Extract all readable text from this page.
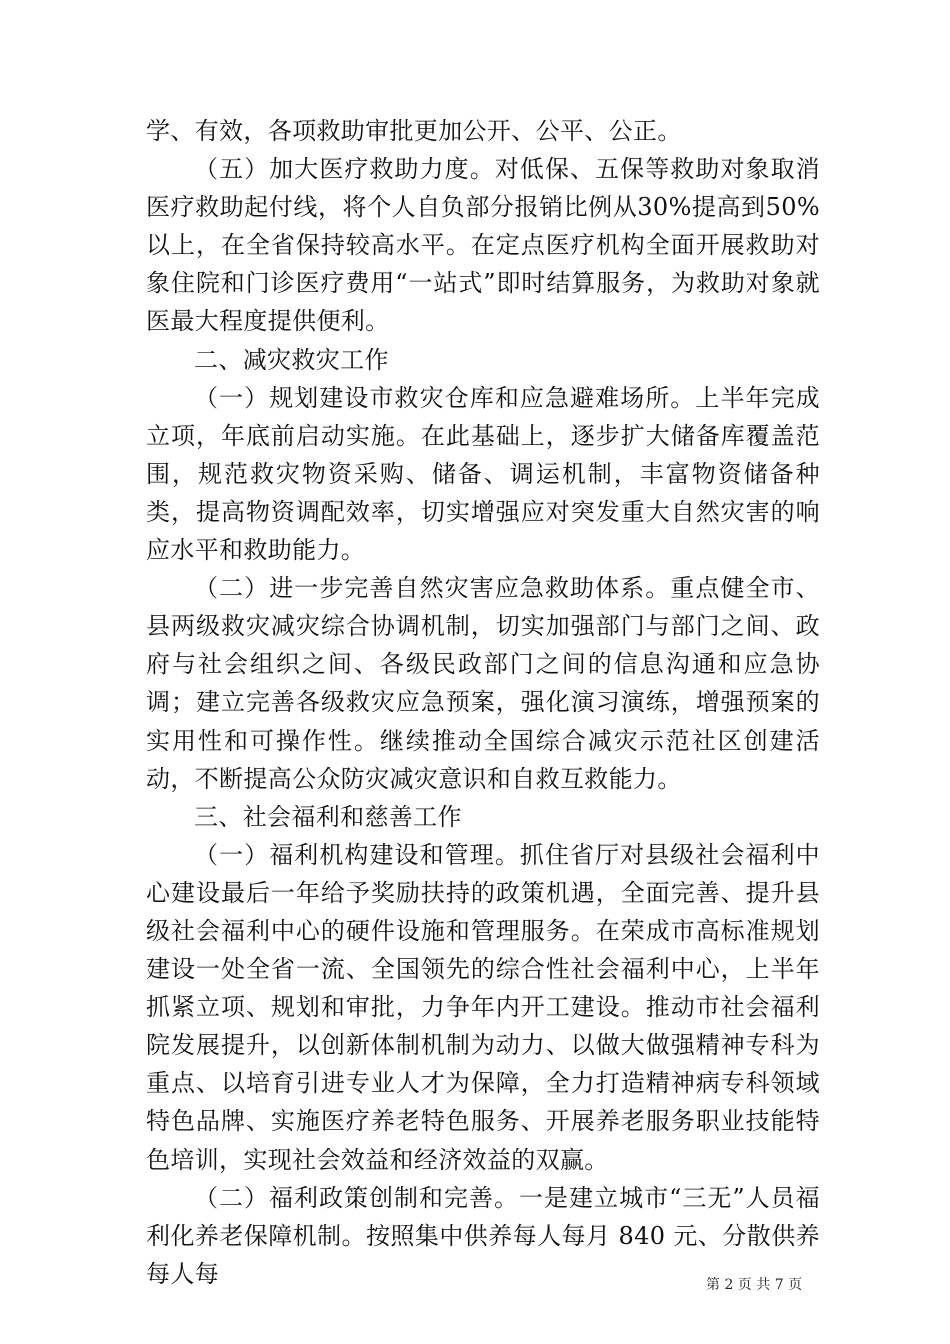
学、有效，各项救助审批更加公开、公平、公正。

（五）加大医疗救助力度。对低保、五保等救助对象取消医疗救助起付线，将个人自负部分报销比例从30%提高到50%以上，在全省保持较高水平。在定点医疗机构全面开展救助对象住院和门诊医疗费用“一站式”即时结算服务，为救助对象就医最大程度提供便利。

二、减灾救灾工作

（一）规划建设市救灾仓库和应急避难场所。上半年完成立项，年底前启动实施。在此基础上，逐步扩大储备库覆盖范围，规范救灾物资采购、储备、调运机制，丰富物资储备种类，提高物资调配效率，切实增强应对突发重大自然灾害的响应水平和救助能力。

（二）进一步完善自然灾害应急救助体系。重点健全市、县两级救灾减灾综合协调机制，切实加强部门与部门之间、政府与社会组织之间、各级民政部门之间的信息沟通和应急协调；建立完善各级救灾应急预案，强化演习演练，增强预案的实用性和可操作性。继续推动全国综合减灾示范社区创建活动，不断提高公众防灾减灾意识和自救互救能力。

三、社会福利和慈善工作

（一）福利机构建设和管理。抓住省厅对县级社会福利中心建设最后一年给予奖励扶持的政策机遇，全面完善、提升县级社会福利中心的硬件设施和管理服务。在荣成市高标准规划建设一处全省一流、全国领先的综合性社会福利中心，上半年抓紧立项、规划和审批，力争年内开工建设。推动市社会福利院发展提升，以创新体制机制为动力、以做大做强精神专科为重点、以培育引进专业人才为保障，全力打造精神病专科领域特色品牌、实施医疗养老特色服务、开展养老服务职业技能特色培训，实现社会效益和经济效益的双赢。

（二）福利政策创制和完善。一是建立城市“三无”人员福利化养老保障机制。按照集中供养每人每月 840 元、分散供养每人每	第 2 页 共 7 页
